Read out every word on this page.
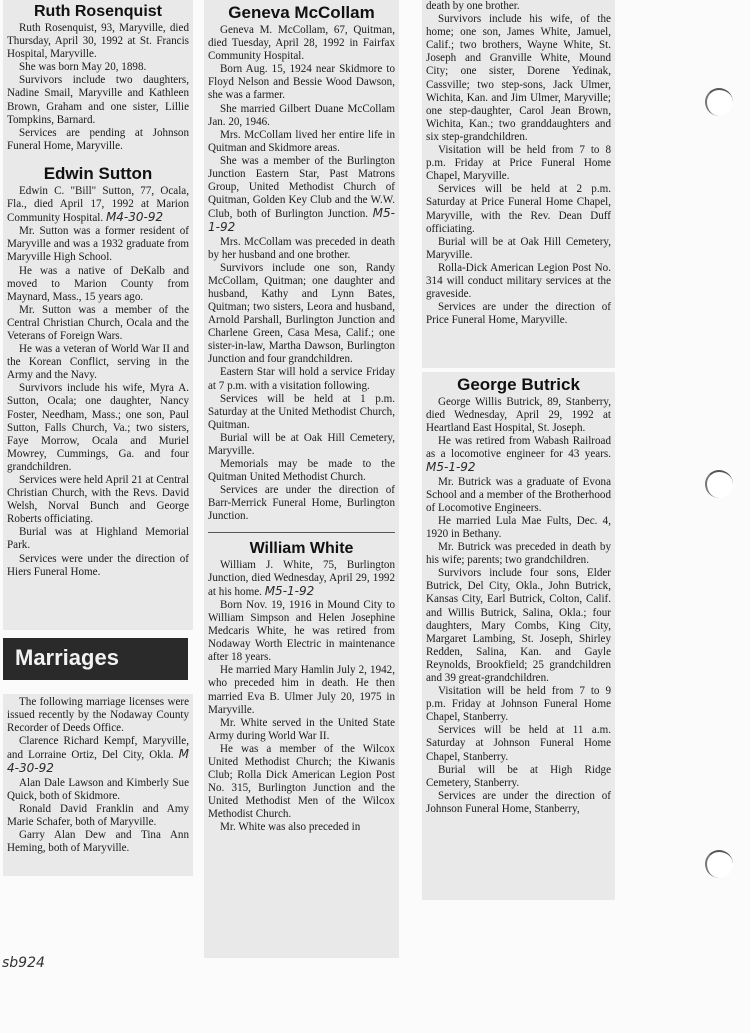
Ruth Rosenquist

Ruth Rosenquist, 93, Maryville, died Thursday, April 30, 1992 at St. Francis Hospital, Maryville.

She was born May 20, 1898.

Survivors include two daughters, Nadine Smail, Maryville and Kathleen Brown, Graham and one sister, Lillie Tompkins, Barnard.

Services are pending at Johnson Funeral Home, Maryville.

Edwin Sutton

Edwin C. "Bill" Sutton, 77, Ocala, Fla., died April 17, 1992 at Marion Community Hospital. M4-30-92

Mr. Sutton was a former resident of Maryville and was a 1932 graduate from Maryville High School.

He was a native of DeKalb and moved to Marion County from Maynard, Mass., 15 years ago.

Mr. Sutton was a member of the Central Christian Church, Ocala and the Veterans of Foreign Wars.

He was a veteran of World War II and the Korean Conflict, serving in the Army and the Navy.

Survivors include his wife, Myra A. Sutton, Ocala; one daughter, Nancy Foster, Needham, Mass.; one son, Paul Sutton, Falls Church, Va.; two sisters, Faye Morrow, Ocala and Muriel Mowrey, Cummings, Ga. and four grandchildren.

Services were held April 21 at Central Christian Church, with the Revs. David Welsh, Norval Bunch and George Roberts officiating.

Burial was at Highland Memorial Park.

Services were under the direction of Hiers Funeral Home.

Marriages

The following marriage licenses were issued recently by the Nodaway County Recorder of Deeds Office.

Clarence Richard Kempf, Maryville, and Lorraine Ortiz, Del City, Okla. M 4-30-92

Alan Dale Lawson and Kimberly Sue Quick, both of Skidmore.

Ronald David Franklin and Amy Marie Schafer, both of Maryville.

Garry Alan Dew and Tina Ann Heming, both of Maryville.

Geneva McCollam

Geneva M. McCollam, 67, Quitman, died Tuesday, April 28, 1992 in Fairfax Community Hospital.

Born Aug. 15, 1924 near Skidmore to Floyd Nelson and Bessie Wood Dawson, she was a farmer.

She married Gilbert Duane McCollam Jan. 20, 1946.

Mrs. McCollam lived her entire life in Quitman and Skidmore areas.

She was a member of the Burlington Junction Eastern Star, Past Matrons Group, United Methodist Church of Quitman, Golden Key Club and the W.W. Club, both of Burlington Junction. M5-1-92

Mrs. McCollam was preceded in death by her husband and one brother.

Survivors include one son, Randy McCollam, Quitman; one daughter and husband, Kathy and Lynn Bates, Quitman; two sisters, Leora and husband, Arnold Parshall, Burlington Junction and Charlene Green, Casa Mesa, Calif.; one sister-in-law, Martha Dawson, Burlington Junction and four grandchildren.

Eastern Star will hold a service Friday at 7 p.m. with a visitation following.

Services will be held at 1 p.m. Saturday at the United Methodist Church, Quitman.

Burial will be at Oak Hill Cemetery, Maryville.

Memorials may be made to the Quitman United Methodist Church.

Services are under the direction of Barr-Merrick Funeral Home, Burlington Junction.

William White

William J. White, 75, Burlington Junction, died Wednesday, April 29, 1992 at his home. M5-1-92

Born Nov. 19, 1916 in Mound City to William Simpson and Helen Josephine Medcaris White, he was retired from Nodaway Worth Electric in maintenance after 18 years.

He married Mary Hamlin July 2, 1942, who preceded him in death. He then married Eva B. Ulmer July 20, 1975 in Maryville.

Mr. White served in the United State Army during World War II.

He was a member of the Wilcox United Methodist Church; the Kiwanis Club; Rolla Dick American Legion Post No. 315, Burlington Junction and the United Methodist Men of the Wilcox Methodist Church.

Mr. White was also preceded in

death by one brother.

Survivors include his wife, of the home; one son, James White, Jamuel, Calif.; two brothers, Wayne White, St. Joseph and Granville White, Mound City; one sister, Dorene Yedinak, Cassville; two step-sons, Jack Ulmer, Wichita, Kan. and Jim Ulmer, Maryville; one step-daughter, Carol Jean Brown, Wichita, Kan.; two granddaughters and six step-grandchildren.

Visitation will be held from 7 to 8 p.m. Friday at Price Funeral Home Chapel, Maryville.

Services will be held at 2 p.m. Saturday at Price Funeral Home Chapel, Maryville, with the Rev. Dean Duff officiating.

Burial will be at Oak Hill Cemetery, Maryville.

Rolla-Dick American Legion Post No. 314 will conduct military services at the graveside.

Services are under the direction of Price Funeral Home, Maryville.

George Butrick

George Willis Butrick, 89, Stanberry, died Wednesday, April 29, 1992 at Heartland East Hospital, St. Joseph.

He was retired from Wabash Railroad as a locomotive engineer for 43 years. M5-1-92

Mr. Butrick was a graduate of Evona School and a member of the Brotherhood of Locomotive Engineers.

He married Lula Mae Fults, Dec. 4, 1920 in Bethany.

Mr. Butrick was preceded in death by his wife; parents; two grandchildren.

Survivors include four sons, Elder Butrick, Del City, Okla., John Butrick, Kansas City, Earl Butrick, Colton, Calif. and Willis Butrick, Salina, Okla.; four daughters, Mary Combs, King City, Margaret Lambing, St. Joseph, Shirley Redden, Salina, Kan. and Gayle Reynolds, Brookfield; 25 grandchildren and 39 great-grandchildren.

Visitation will be held from 7 to 9 p.m. Friday at Johnson Funeral Home Chapel, Stanberry.

Services will be held at 11 a.m. Saturday at Johnson Funeral Home Chapel, Stanberry.

Burial will be at High Ridge Cemetery, Stanberry.

Services are under the direction of Johnson Funeral Home, Stanberry,

sb924
